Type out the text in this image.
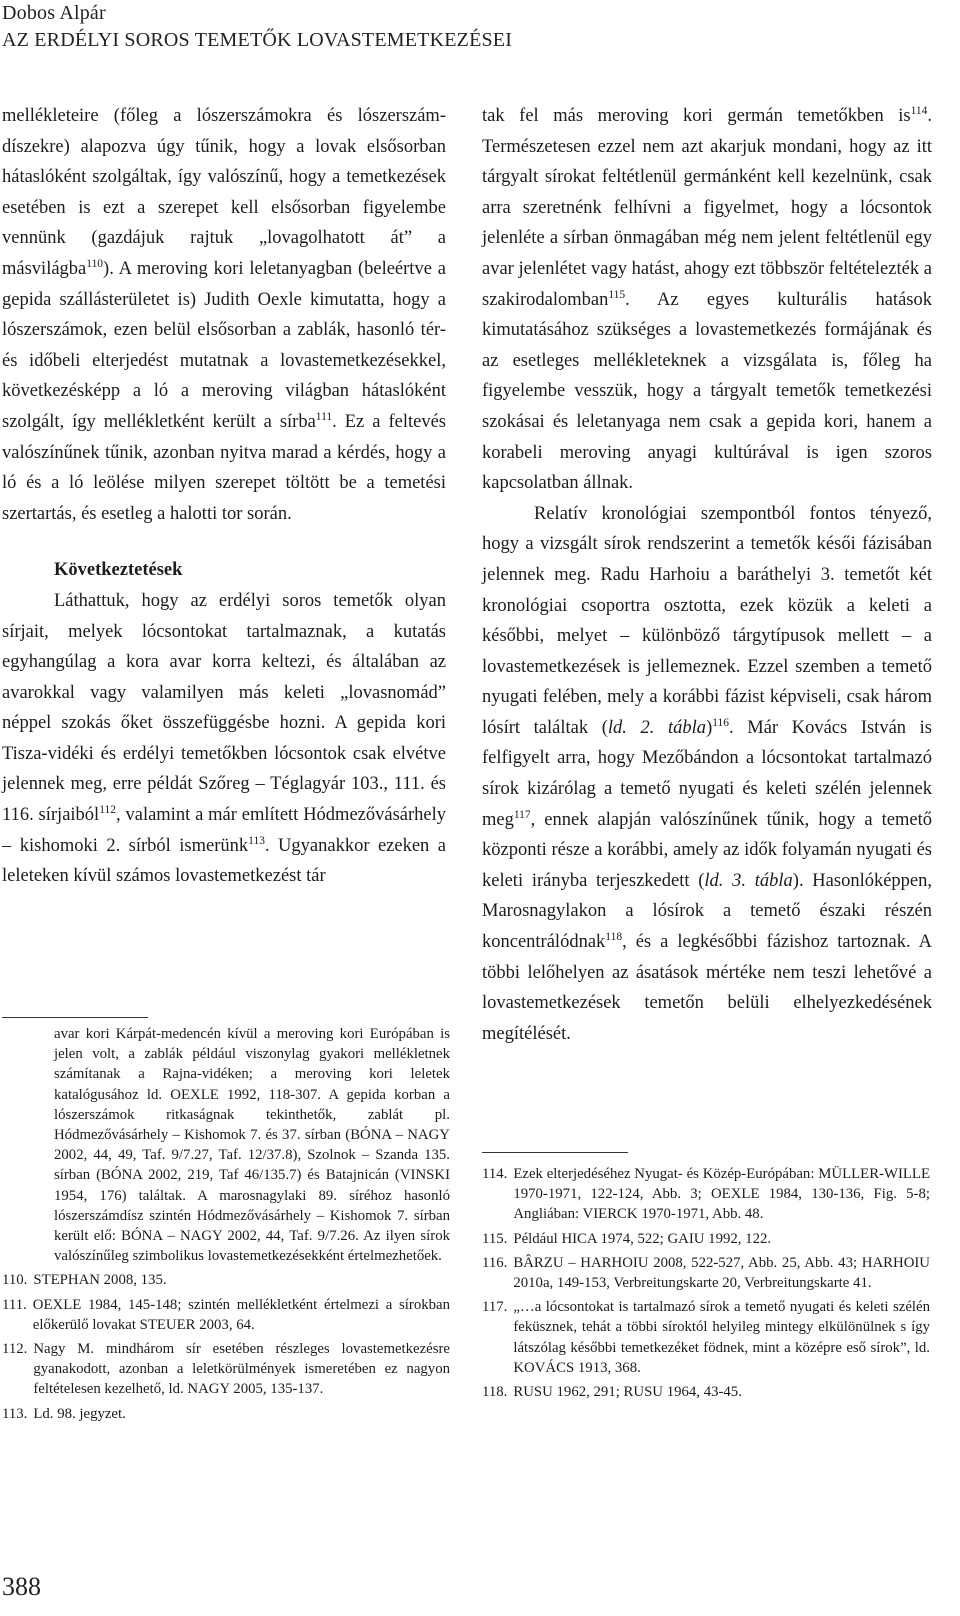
Dobos Alpár
AZ ERDÉLYI SOROS TEMETŐK LOVASTEMETKEZÉSEI

mellékleteire (főleg a lószerszámokra és lószerszámdíszekre) alapozva úgy tűnik, hogy a lovak elsősorban hátaslóként szolgáltak, így valószínű, hogy a temetkezések esetében is ezt a szerepet kell elsősorban figyelembe vennünk (gazdájuk rajtuk „lovagolhatott át” a másvilágba$^{110}$). A meroving kori leletanyagban (beleértve a gepida szállásterületet is) Judith Oexle kimutatta, hogy a lószerszámok, ezen belül elsősorban a zablák, hasonló tér- és időbeli elterjedést mutatnak a lovastemetkezésekkel, következésképp a ló a meroving világban hátaslóként szolgált, így mellékletként került a sírba$^{111}$. Ez a feltevés valószínűnek tűnik, azonban nyitva marad a kérdés, hogy a ló és a ló leölése milyen szerepet töltött be a temetési szertartás, és esetleg a halotti tor során.

Következtetések

Láthattuk, hogy az erdélyi soros temetők olyan sírjait, melyek lócsontokat tartalmaznak, a kutatás egyhangúlag a kora avar korra keltezi, és általában az avarokkal vagy valamilyen más keleti „lovasnomád” néppel szokás őket összefüggésbe hozni. A gepida kori Tisza-vidéki és erdélyi temetőkben lócsontok csak elvétve jelennek meg, erre példát Szőreg – Téglagyár 103., 111. és 116. sírjaiból$^{112}$, valamint a már említett Hódmezővásárhely – kishomoki 2. sírból ismerünk$^{113}$. Ugyanakkor ezeken a leleteken kívül számos lovastemetkezést tár

avar kori Kárpát-medencén kívül a meroving kori Európában is jelen volt, a zablák például viszonylag gyakori mellékletnek számítanak a Rajna-vidéken; a meroving kori leletek katalógusához ld. OEXLE 1992, 118-307. A gepida korban a lószerszámok ritkaságnak tekinthetők, zablát pl. Hódmezővásárhely – Kishomok 7. és 37. sírban (BÓNA – NAGY 2002, 44, 49, Taf. 9/7.27, Taf. 12/37.8), Szolnok – Szanda 135. sírban (BÓNA 2002, 219, Taf 46/135.7) és Batajnicán (VINSKI 1954, 176) találtak. A marosnagylaki 89. síréhoz hasonló lószerszámdísz szintén Hódmezővásárhely – Kishomok 7. sírban került elő: BÓNA – NAGY 2002, 44, Taf. 9/7.26. Az ilyen sírok valószínűleg szimbolikus lovastemetkezésekként értelmezhetőek.
110. STEPHAN 2008, 135.
111. OEXLE 1984, 145-148; szintén mellékletként értelmezi a sírokban előkerülő lovakat STEUER 2003, 64.
112. Nagy M. mindhárom sír esetében részleges lovastemetkezésre gyanakodott, azonban a leletkörülmények ismeretében ez nagyon feltételesen kezelhető, ld. NAGY 2005, 135-137.
113. Ld. 98. jegyzet.

tak fel más meroving kori germán temetőkben $is^{114}$. Természetesen ezzel nem azt akarjuk mondani, hogy az itt tárgyalt sírokat feltétlenül germánként kell kezelnünk, csak arra szeretnénk felhívni a figyelmet, hogy a lócsontok jelenléte a sírban önmagában még nem jelent feltétlenül egy avar jelenlétet vagy hatást, ahogy ezt többször feltételezték a szakirodalomban$^{115}$. Az egyes kulturális hatások kimutatásához szükséges a lovastemetkezés formájának és az esetleges mellékleteknek a vizsgálata is, főleg ha figyelembe vesszük, hogy a tárgyalt temetők temetkezési szokásai és leletanyaga nem csak a gepida kori, hanem a korabeli meroving anyagi kultúrával is igen szoros kapcsolatban állnak.

Relatív kronológiai szempontból fontos tényező, hogy a vizsgált sírok rendszerint a temetők késői fázisában jelennek meg. Radu Harhoiu a baráthelyi 3. temetőt két kronológiai csoportra osztotta, ezek közük a keleti a későbbi, melyet – különböző tárgytípusok mellett – a lovastemetkezések is jellemeznek. Ezzel szemben a temető nyugati felében, mely a korábbi fázist képviseli, csak három lósírt találtak (ld. 2. tábla)$^{116}$. Már Kovács István is felfigyelt arra, hogy Mezőbándon a lócsontokat tartalmazó sírok kizárólag a temető nyugati és keleti szélén jelennek meg$^{117}$, ennek alapján valószínűnek tűnik, hogy a temető központi része a korábbi, amely az idők folyamán nyugati és keleti irányba terjeszkedett (ld. 3. tábla). Hasonlóképpen, Marosnagylakon a lósírok a temető északi részén koncentrálódnak$^{118}$, és a legkésőbbi fázishoz tartoznak. A többi lelőhelyen az ásatások mértéke nem teszi lehetővé a lovastemetkezések temetőn belüli elhelyezkedésének megítélését.

114. Ezek elterjedéséhez Nyugat- és Közép-Európában: MÜLLER-WILLE 1970-1971, 122-124, Abb. 3; OEXLE 1984, 130-136, Fig. 5-8; Angliában: VIERCK 1970-1971, Abb. 48.
115. Például HICA 1974, 522; GAIU 1992, 122.
116. BÂRZU – HARHOIU 2008, 522-527, Abb. 25, Abb. 43; HARHOIU 2010a, 149-153, Verbreitungskarte 20, Verbreitungskarte 41.
117. „…a lócsontokat is tartalmazó sírok a temető nyugati és keleti szélén feküsznek, tehát a többi síroktól helyileg mintegy elkülönülnek s így látszólag későbbi temetkezéket födnek, mint a középre eső sírok”, ld. KOVÁCS 1913, 368.
118. RUSU 1962, 291; RUSU 1964, 43-45.
388
